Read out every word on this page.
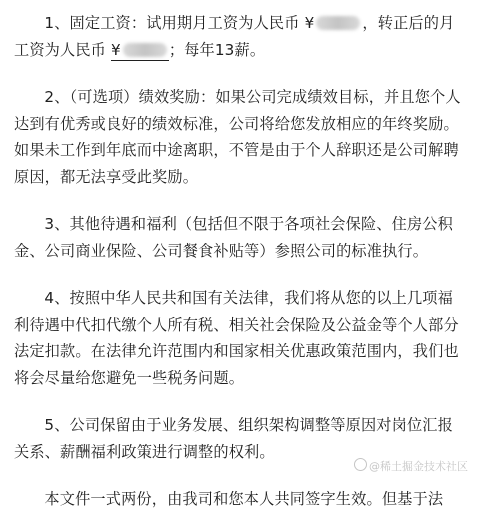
1、固定工资：试用期月工资为人民币 ¥	，转正后的月工资为人民币 ¥	；每年13薪。

2、（可选项）绩效奖励：如果公司完成绩效目标，并且您个人达到有优秀或良好的绩效标准，公司将给您发放相应的年终奖励。如果未工作到年底而中途离职，不管是由于个人辞职还是公司解聘原因，都无法享受此奖励。

3、其他待遇和福利（包括但不限于各项社会保险、住房公积金、公司商业保险、公司餐食补贴等）参照公司的标准执行。

4、按照中华人民共和国有关法律，我们将从您的以上几项福利待遇中代扣代缴个人所有税、相关社会保险及公益金等个人部分法定扣款。在法律允许范围内和国家相关优惠政策范围内，我们也将会尽量给您避免一些税务问题。

5、公司保留由于业务发展、组织架构调整等原因对岗位汇报关系、薪酬福利政策进行调整的权利。

本文件一式两份，由我司和您本人共同签字生效。但基于法

@稀土掘金技术社区
